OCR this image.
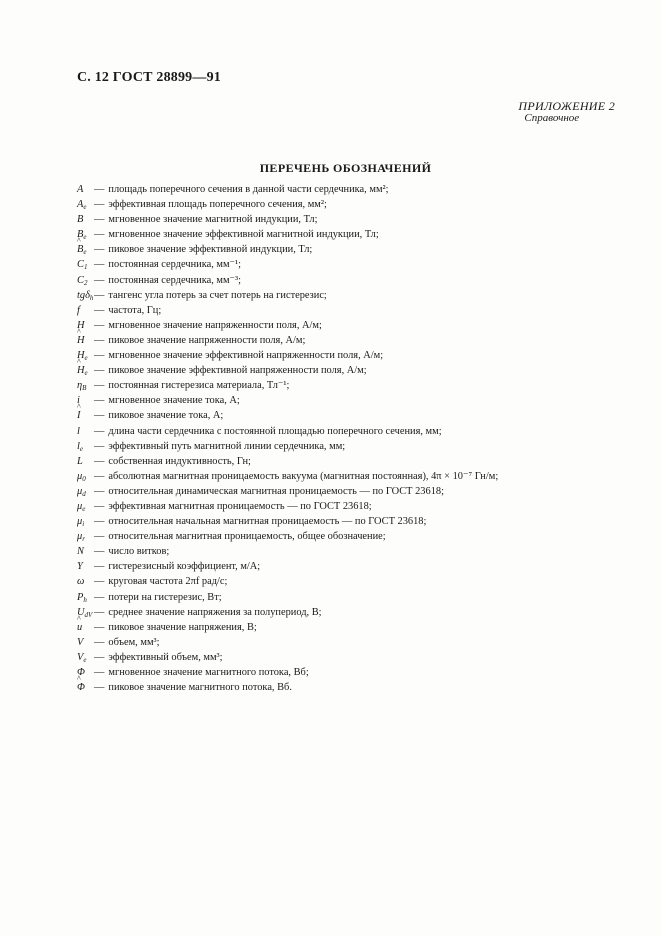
С. 12 ГОСТ 28899—91
ПРИЛОЖЕНИЕ 2
Справочное
ПЕРЕЧЕНЬ ОБОЗНАЧЕНИЙ
A	— площадь поперечного сечения в данной части сердечника, мм²;
$A_e$ — эффективная площадь поперечного сечения, мм²;
B	— мгновенное значение магнитной индукции, Тл;
$B_e$ — мгновенное значение эффективной магнитной индукции, Тл;
^ $B_e$ — пиковое значение эффективной индукции, Тл;
$C_1$ — постоянная сердечника, мм⁻¹;
$C_2$ — постоянная сердечника, мм⁻³;
tgδ$_h$ — тангенс угла потерь за счет потерь на гистерезис;
f	— частота, Гц;
H — мгновенное значение напряженности поля, А/м;
^ H — пиковое значение напряженности поля, А/м;
$H_e$ — мгновенное значение эффективной напряженности поля, А/м;
^ $H_e$ — пиковое значение эффективной напряженности поля, А/м;
$\eta_B$ — постоянная гистерезиса материала, Тл⁻¹;
i	— мгновенное значение тока, А;
^ I	— пиковое значение тока, А;
l	— длина части сердечника с постоянной площадью поперечного сечения, мм;
$l_e$	— эффективный путь магнитной линии сердечника, мм;
L	— собственная индуктивность, Гн;
$\mu_0$ — абсолютная магнитная проницаемость вакуума (магнитная постоянная), 4π × 10⁻⁷ Гн/м;
$\mu_d$ — относительная динамическая магнитная проницаемость — по ГОСТ 23618;
$\mu_e$ — эффективная магнитная проницаемость — по ГОСТ 23618;
$\mu_i$ — относительная начальная магнитная проницаемость — по ГОСТ 23618;
$\mu_r$ — относительная магнитная проницаемость, общее обозначение;
N — число витков;
Y	— гистерезисный коэффициент, м/А;
ω — круговая частота 2πf рад/с;
$P_h$ — потери на гистерезис, Вт;
$U_{dV}$ — среднее значение напряжения за полупериод, В;
^ u	— пиковое значение напряжения, В;
V	— объем, мм³;
$V_e$ — эффективный объем, мм³;
Φ — мгновенное значение магнитного потока, Вб;
^ Φ — пиковое значение магнитного потока, Вб.
